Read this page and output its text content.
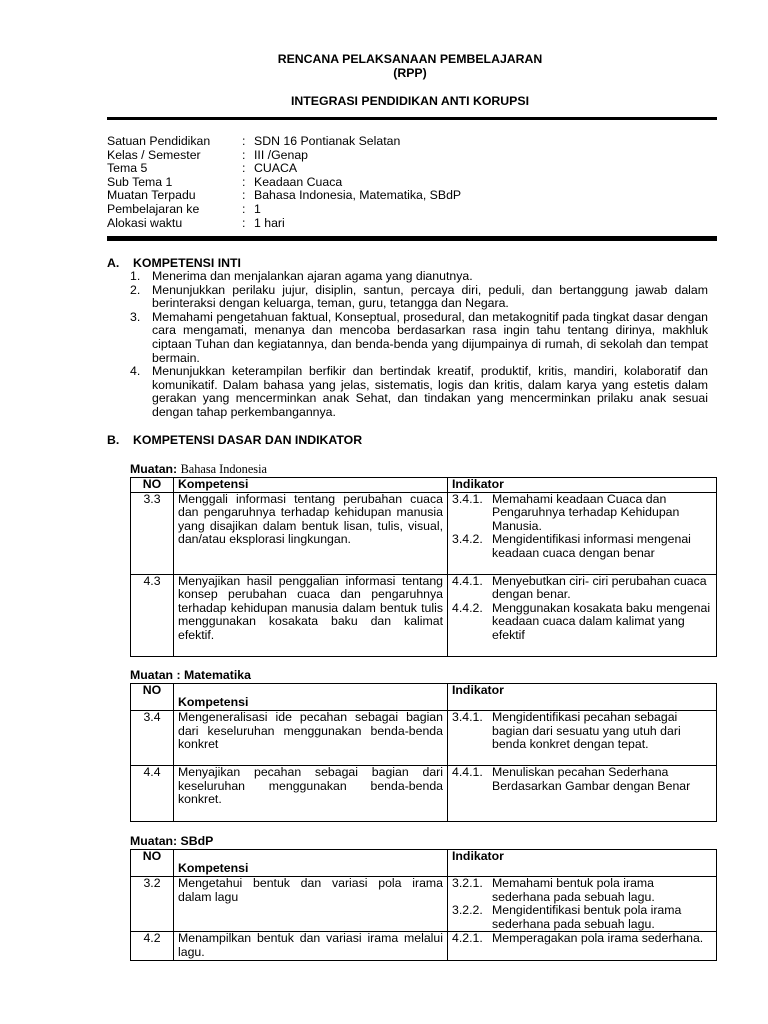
RENCANA PELAKSANAAN PEMBELAJARAN
(RPP)
INTEGRASI PENDIDIKAN ANTI KORUPSI
Satuan Pendidikan	: SDN 16 Pontianak Selatan
Kelas / Semester	: III /Genap
Tema 5	: CUACA
Sub Tema 1	: Keadaan Cuaca
Muatan Terpadu	: Bahasa Indonesia, Matematika, SBdP
Pembelajaran ke	: 1
Alokasi waktu	: 1 hari
A. KOMPETENSI INTI
1. Menerima dan menjalankan ajaran agama yang dianutnya.
2. Menunjukkan perilaku jujur, disiplin, santun, percaya diri, peduli, dan bertanggung jawab dalam berinteraksi dengan keluarga, teman, guru, tetangga dan Negara.
3. Memahami pengetahuan faktual, Konseptual, prosedural, dan metakognitif pada tingkat dasar dengan cara mengamati, menanya dan mencoba berdasarkan rasa ingin tahu tentang dirinya, makhluk ciptaan Tuhan dan kegiatannya, dan benda-benda yang dijumpainya di rumah, di sekolah dan tempat bermain.
4. Menunjukkan keterampilan berfikir dan bertindak kreatif, produktif, kritis, mandiri, kolaboratif dan komunikatif. Dalam bahasa yang jelas, sistematis, logis dan kritis, dalam karya yang estetis dalam gerakan yang mencerminkan anak Sehat, dan tindakan yang mencerminkan prilaku anak sesuai dengan tahap perkembangannya.
B. KOMPETENSI DASAR DAN INDIKATOR
Muatan: Bahasa Indonesia
NO	Kompetensi	Indikator
3.3	Menggali informasi tentang perubahan cuaca dan pengaruhnya terhadap kehidupan manusia yang disajikan dalam bentuk lisan, tulis, visual, dan/atau eksplorasi lingkungan.	3.4.1. Memahami keadaan Cuaca dan Pengaruhnya terhadap Kehidupan Manusia.
3.4.2. Mengidentifikasi informasi mengenai keadaan cuaca dengan benar

4.3	Menyajikan hasil penggalian informasi tentang konsep perubahan cuaca dan pengaruhnya terhadap kehidupan manusia dalam bentuk tulis menggunakan kosakata baku dan kalimat efektif.	4.4.1. Menyebutkan ciri- ciri perubahan cuaca dengan benar.
4.4.2. Menggunakan kosakata baku mengenai keadaan cuaca dalam kalimat yang efektif
Muatan : Matematika
NO	Kompetensi	Indikator
3.4	Mengeneralisasi ide pecahan sebagai bagian dari keseluruhan menggunakan benda-benda konkret	3.4.1. Mengidentifikasi pecahan sebagai bagian dari sesuatu yang utuh dari benda konkret dengan tepat.

4.4	Menyajikan pecahan sebagai bagian dari keseluruhan menggunakan benda-benda konkret.	4.4.1. Menuliskan pecahan Sederhana Berdasarkan Gambar dengan Benar
Muatan: SBdP
NO	Kompetensi	Indikator
3.2	Mengetahui bentuk dan variasi pola irama dalam lagu	3.2.1. Memahami bentuk pola irama sederhana pada sebuah lagu.
3.2.2. Mengidentifikasi bentuk pola irama sederhana pada sebuah lagu.

4.2	Menampilkan bentuk dan variasi irama melalui lagu.	4.2.1. Memperagakan pola irama sederhana.
